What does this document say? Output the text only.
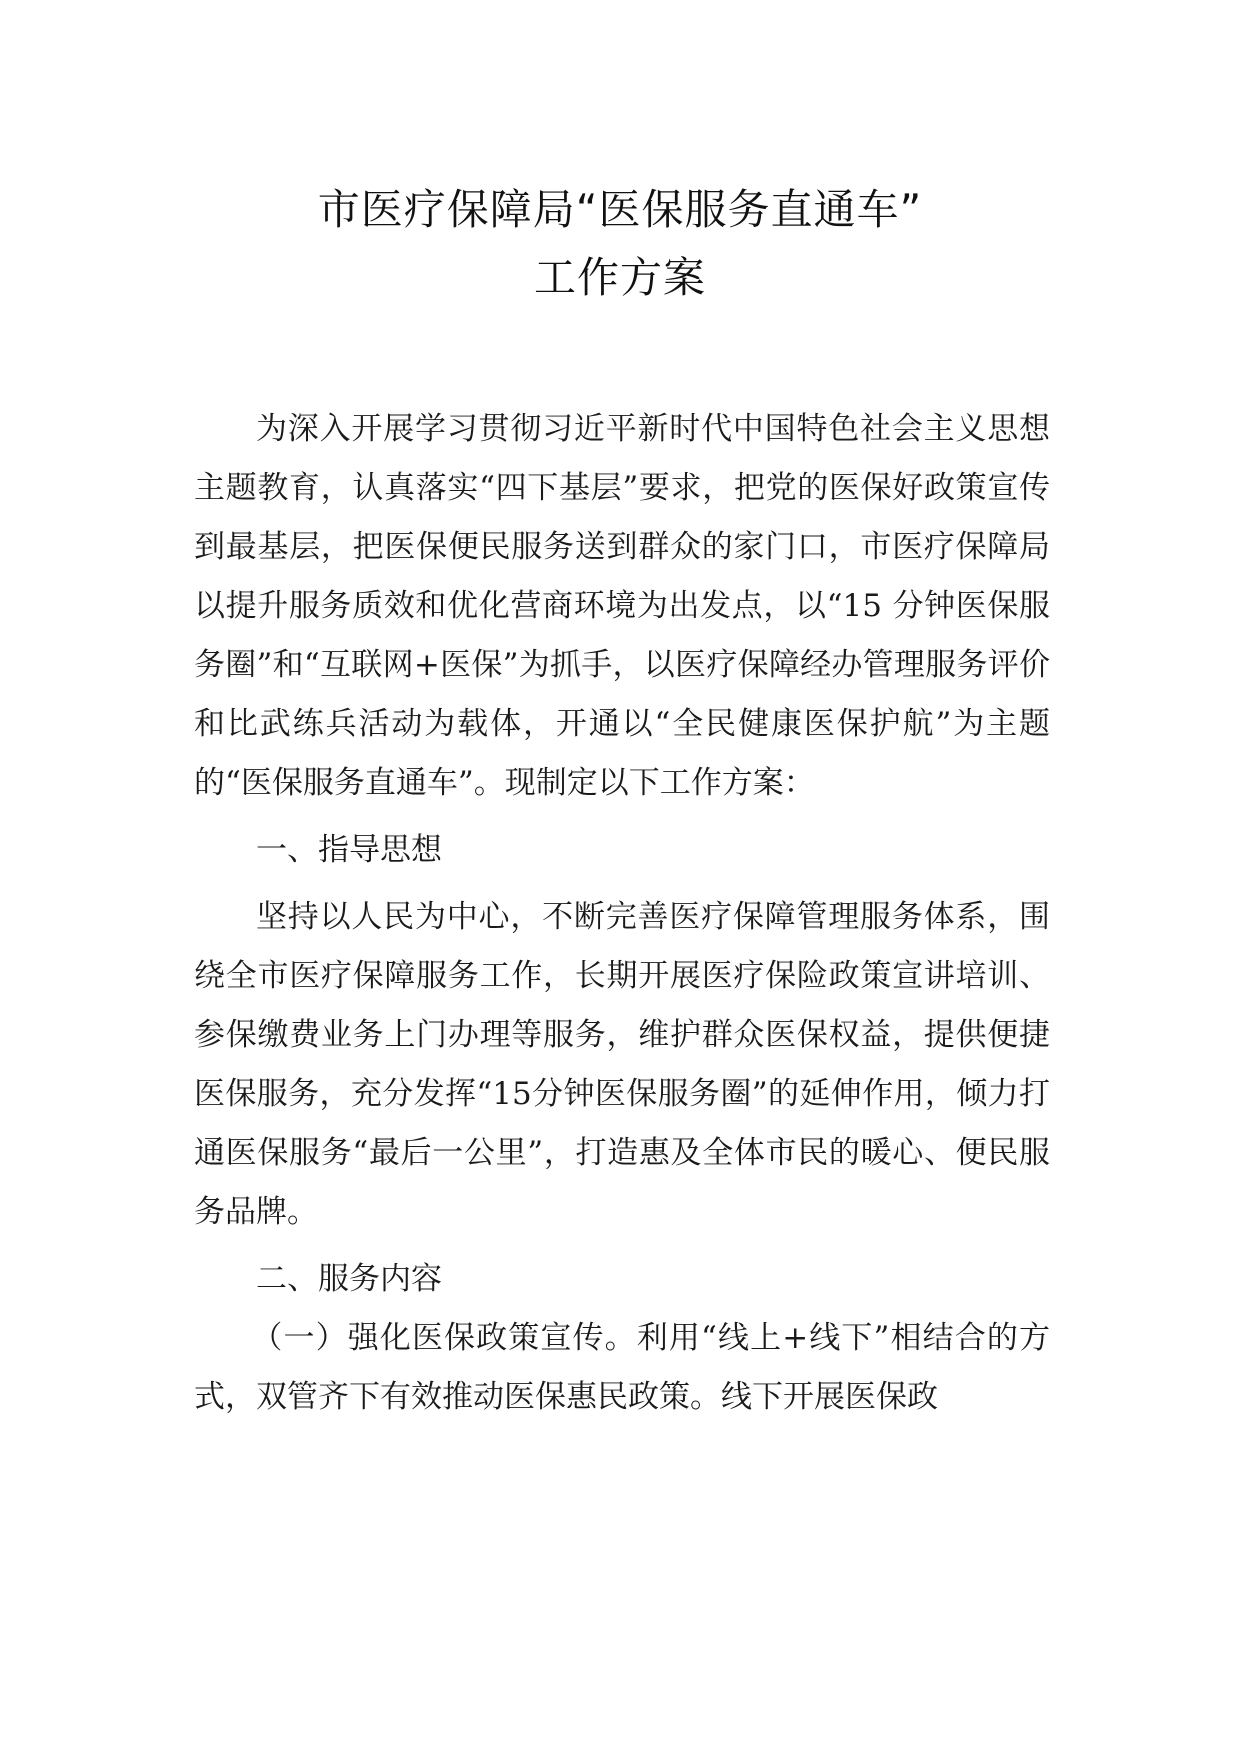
市医疗保障局“医保服务直通车”
工作方案

为深入开展学习贯彻习近平新时代中国特色社会主义思想主题教育，认真落实“四下基层”要求，把党的医保好政策宣传到最基层，把医保便民服务送到群众的家门口，市医疗保障局以提升服务质效和优化营商环境为出发点，以“15 分钟医保服务圈”和“互联网+医保”为抓手，以医疗保障经办管理服务评价和比武练兵活动为载体，开通以“全民健康医保护航”为主题的“医保服务直通车”。现制定以下工作方案：

一、指导思想

坚持以人民为中心，不断完善医疗保障管理服务体系，围绕全市医疗保障服务工作，长期开展医疗保险政策宣讲培训、参保缴费业务上门办理等服务，维护群众医保权益，提供便捷医保服务，充分发挥“15分钟医保服务圈”的延伸作用，倾力打通医保服务“最后一公里”，打造惠及全体市民的暖心、便民服务品牌。

二、服务内容

（一）强化医保政策宣传。利用“线上+线下”相结合的方式，双管齐下有效推动医保惠民政策。线下开展医保政
